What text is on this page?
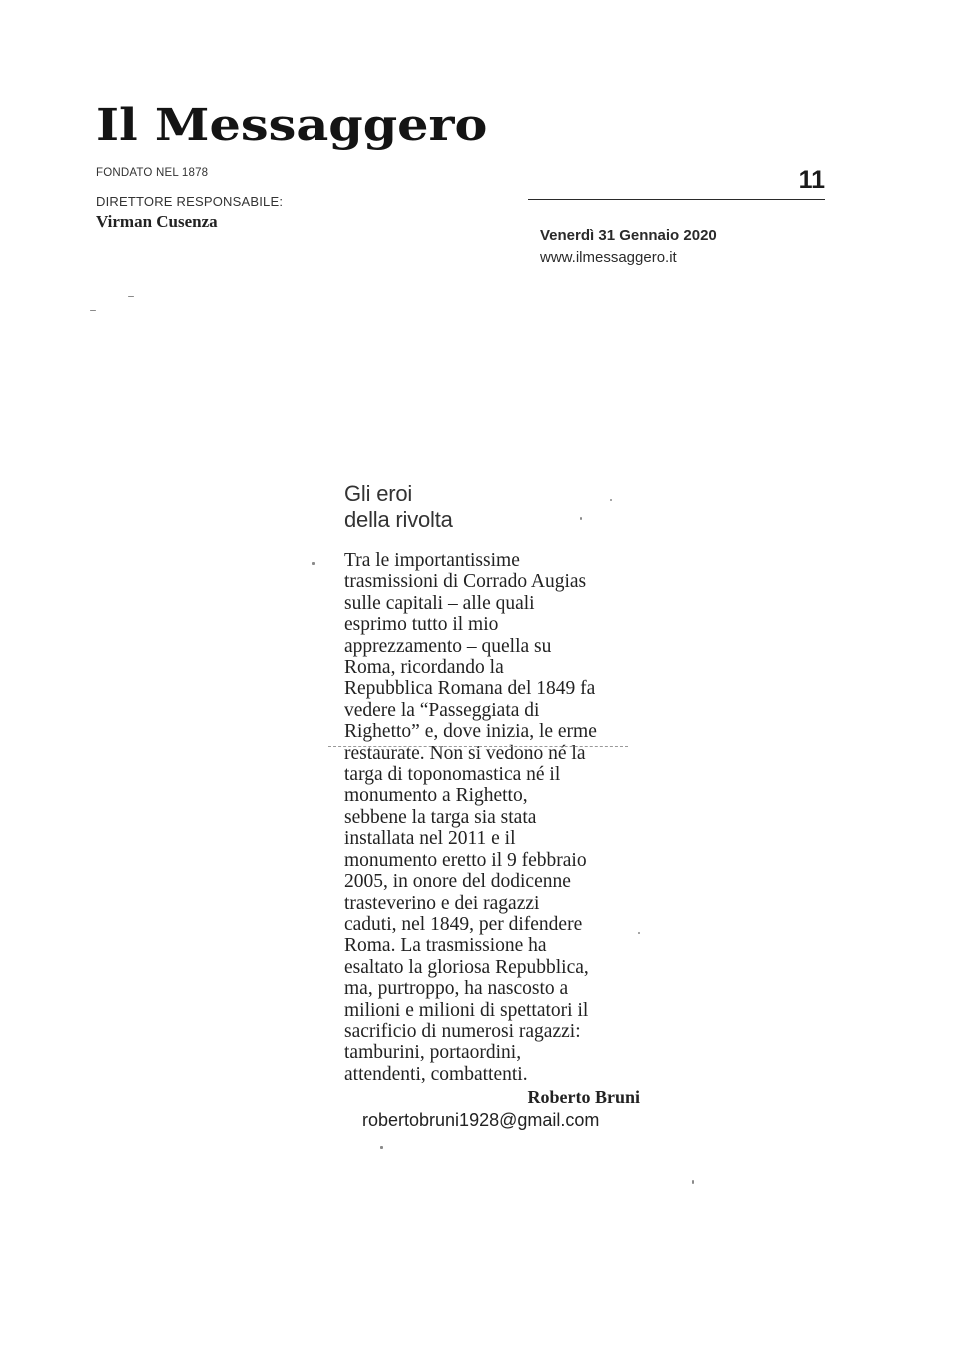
Il Messaggero
FONDATO NEL 1878
DIRETTORE RESPONSABILE:
Virman Cusenza
11
Venerdì 31 Gennaio 2020
www.ilmessaggero.it
Gli eroi
della rivolta
Tra le importantissime
trasmissioni di Corrado Augias
sulle capitali – alle quali
esprimo tutto il mio
apprezzamento – quella su
Roma, ricordando la
Repubblica Romana del 1849 fa
vedere la “Passeggiata di
Righetto” e, dove inizia, le erme
restaurate. Non si vedono né la
targa di toponomastica né il
monumento a Righetto,
sebbene la targa sia stata
installata nel 2011 e il
monumento eretto il 9 febbraio
2005, in onore del dodicenne
trasteverino e dei ragazzi
caduti, nel 1849, per difendere
Roma. La trasmissione ha
esaltato la gloriosa Repubblica,
ma, purtroppo, ha nascosto a
milioni e milioni di spettatori il
sacrificio di numerosi ragazzi:
tamburini, portaordini,
attendenti, combattenti.
Roberto Bruni
robertobruni1928@gmail.com
